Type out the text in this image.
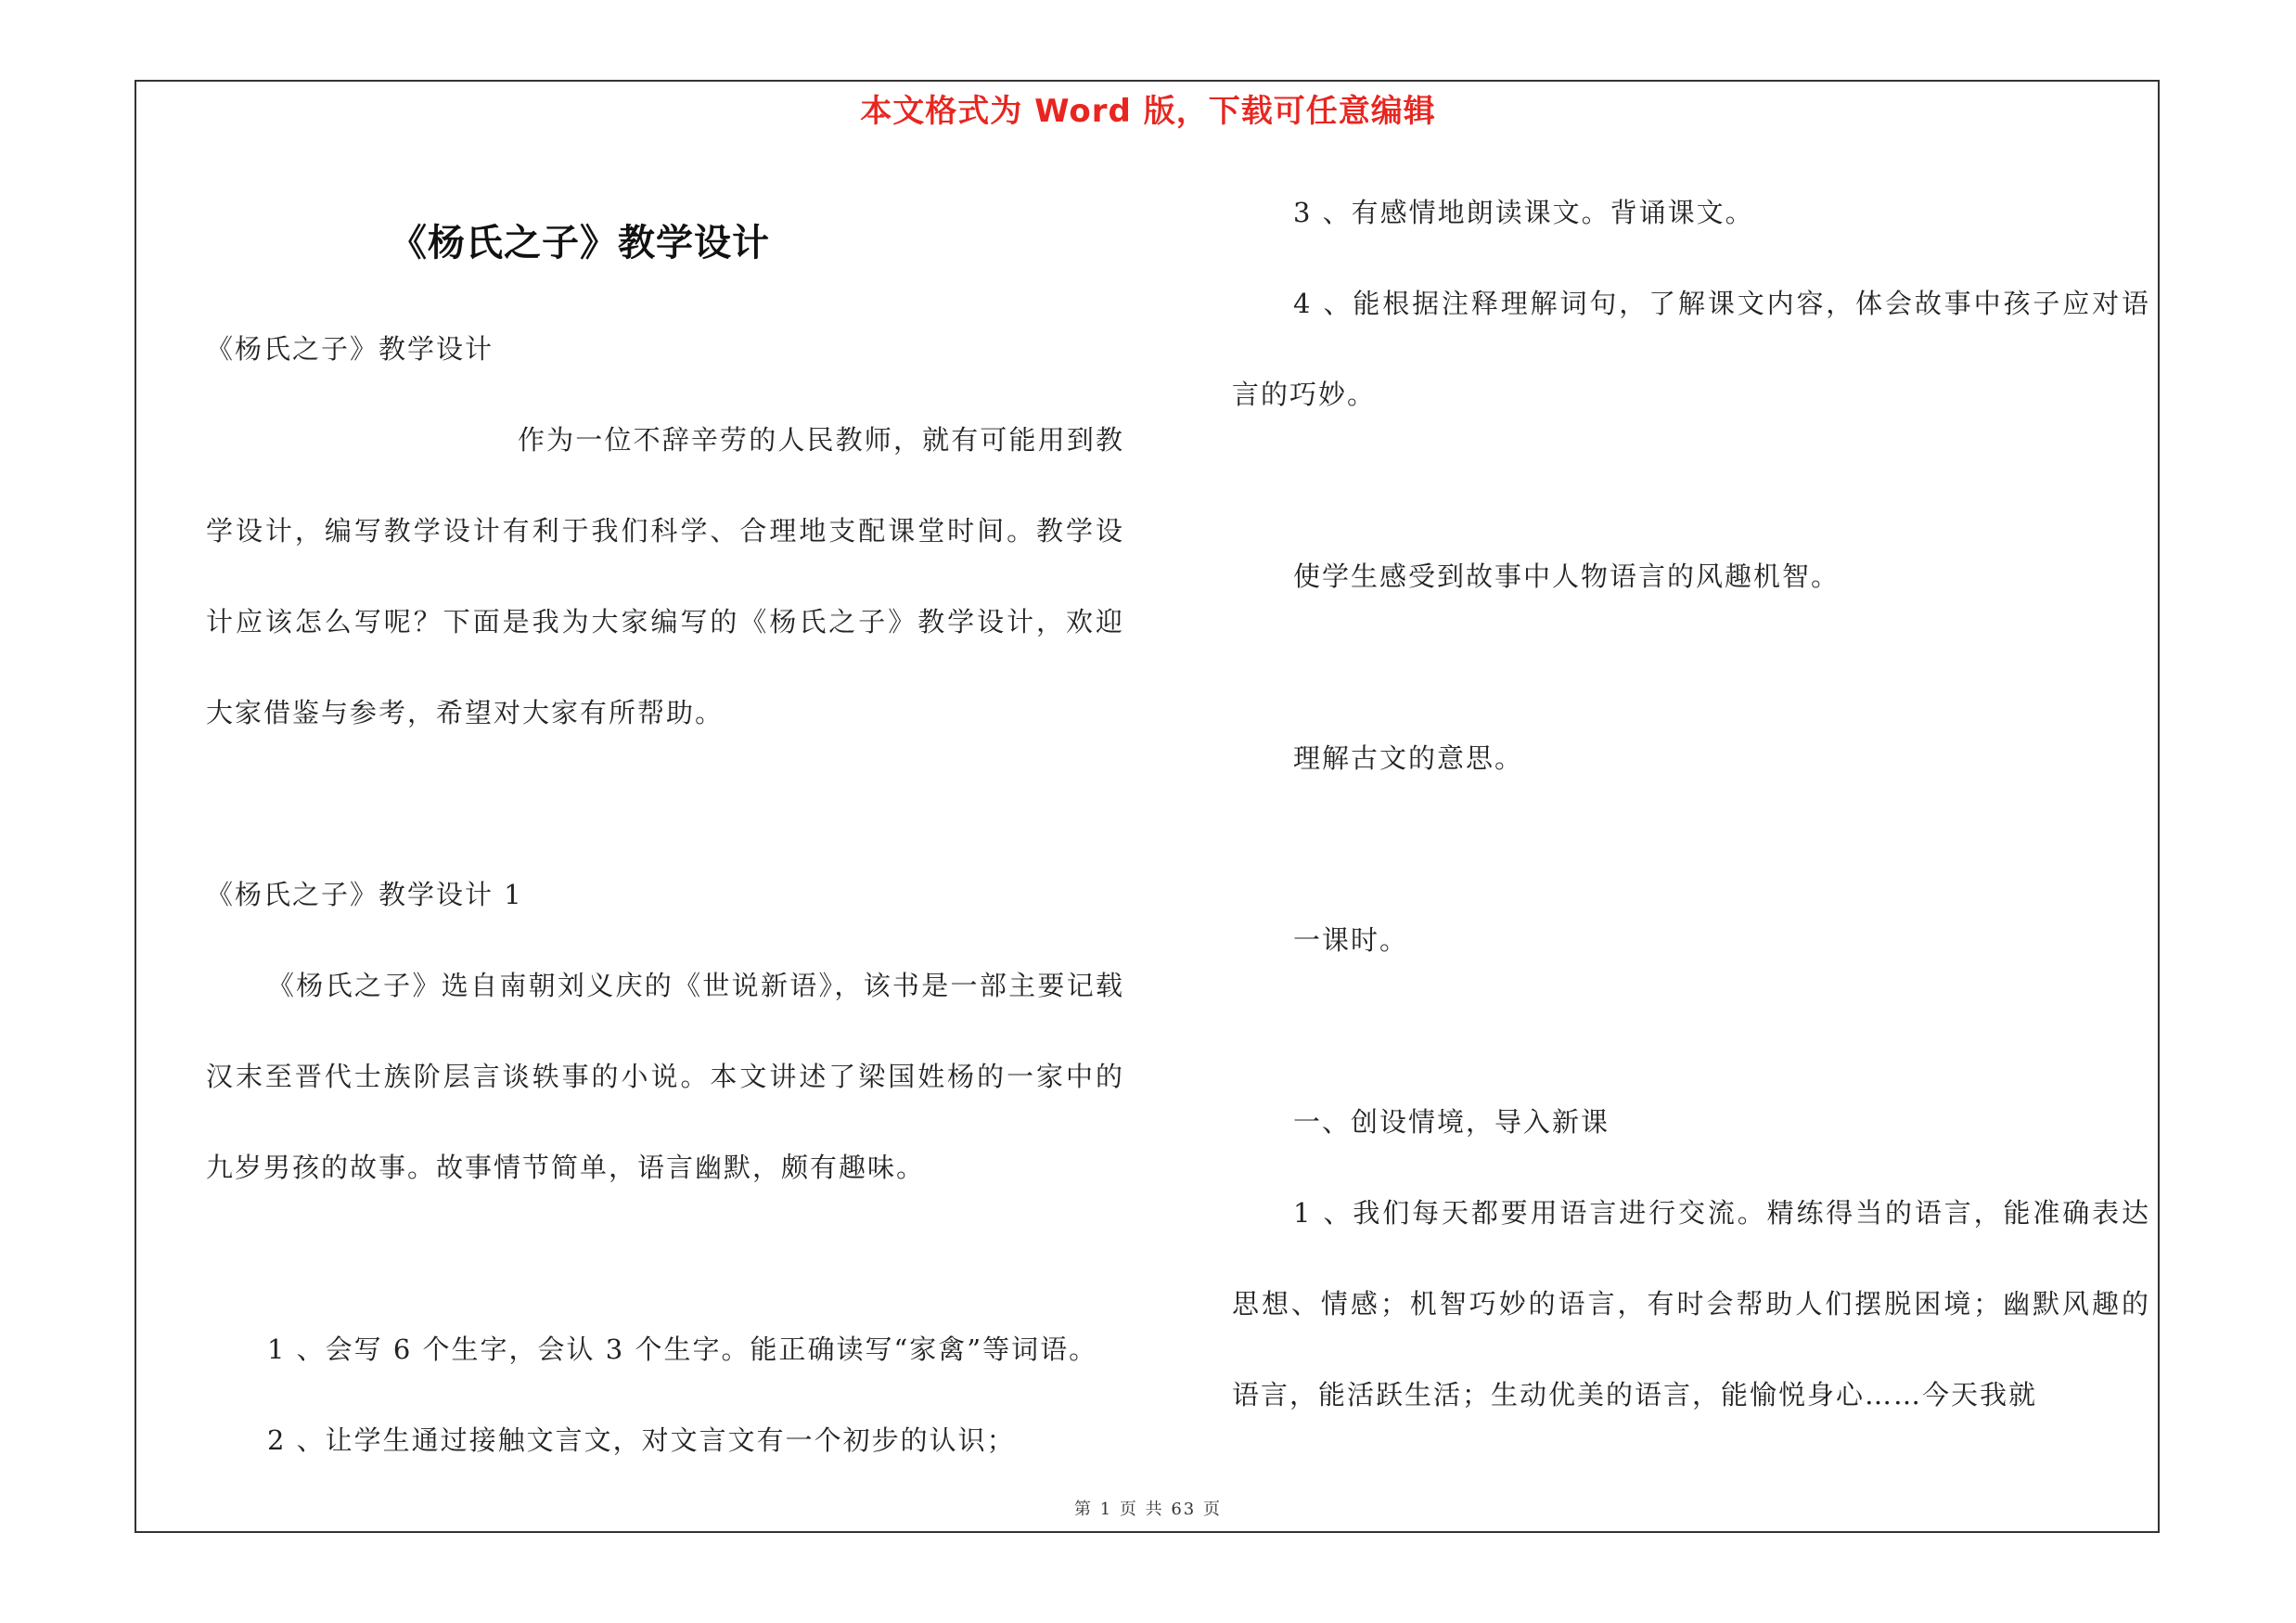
本文格式为 Word 版，下载可任意编辑
《杨氏之子》教学设计

《杨氏之子》教学设计

作为一位不辞辛劳的人民教师，就有可能用到教学设计，编写教学设计有利于我们科学、合理地支配课堂时间。教学设计应该怎么写呢？下面是我为大家编写的《杨氏之子》教学设计，欢迎大家借鉴与参考，希望对大家有所帮助。

《杨氏之子》教学设计 1

《杨氏之子》选自南朝刘义庆的《世说新语》，该书是一部主要记载汉末至晋代士族阶层言谈轶事的小说。本文讲述了梁国姓杨的一家中的九岁男孩的故事。故事情节简单，语言幽默，颇有趣味。

1 、会写 6 个生字，会认 3 个生字。能正确读写“家禽”等词语。

2 、让学生通过接触文言文，对文言文有一个初步的认识；

3 、有感情地朗读课文。背诵课文。

4 、能根据注释理解词句，了解课文内容，体会故事中孩子应对语言的巧妙。

使学生感受到故事中人物语言的风趣机智。

理解古文的意思。

一课时。

一、创设情境，导入新课

1 、我们每天都要用语言进行交流。精练得当的语言，能准确表达思想、情感；机智巧妙的语言，有时会帮助人们摆脱困境；幽默风趣的语言，能活跃生活；生动优美的语言，能愉悦身心……今天我就

第 1 页 共 63 页
